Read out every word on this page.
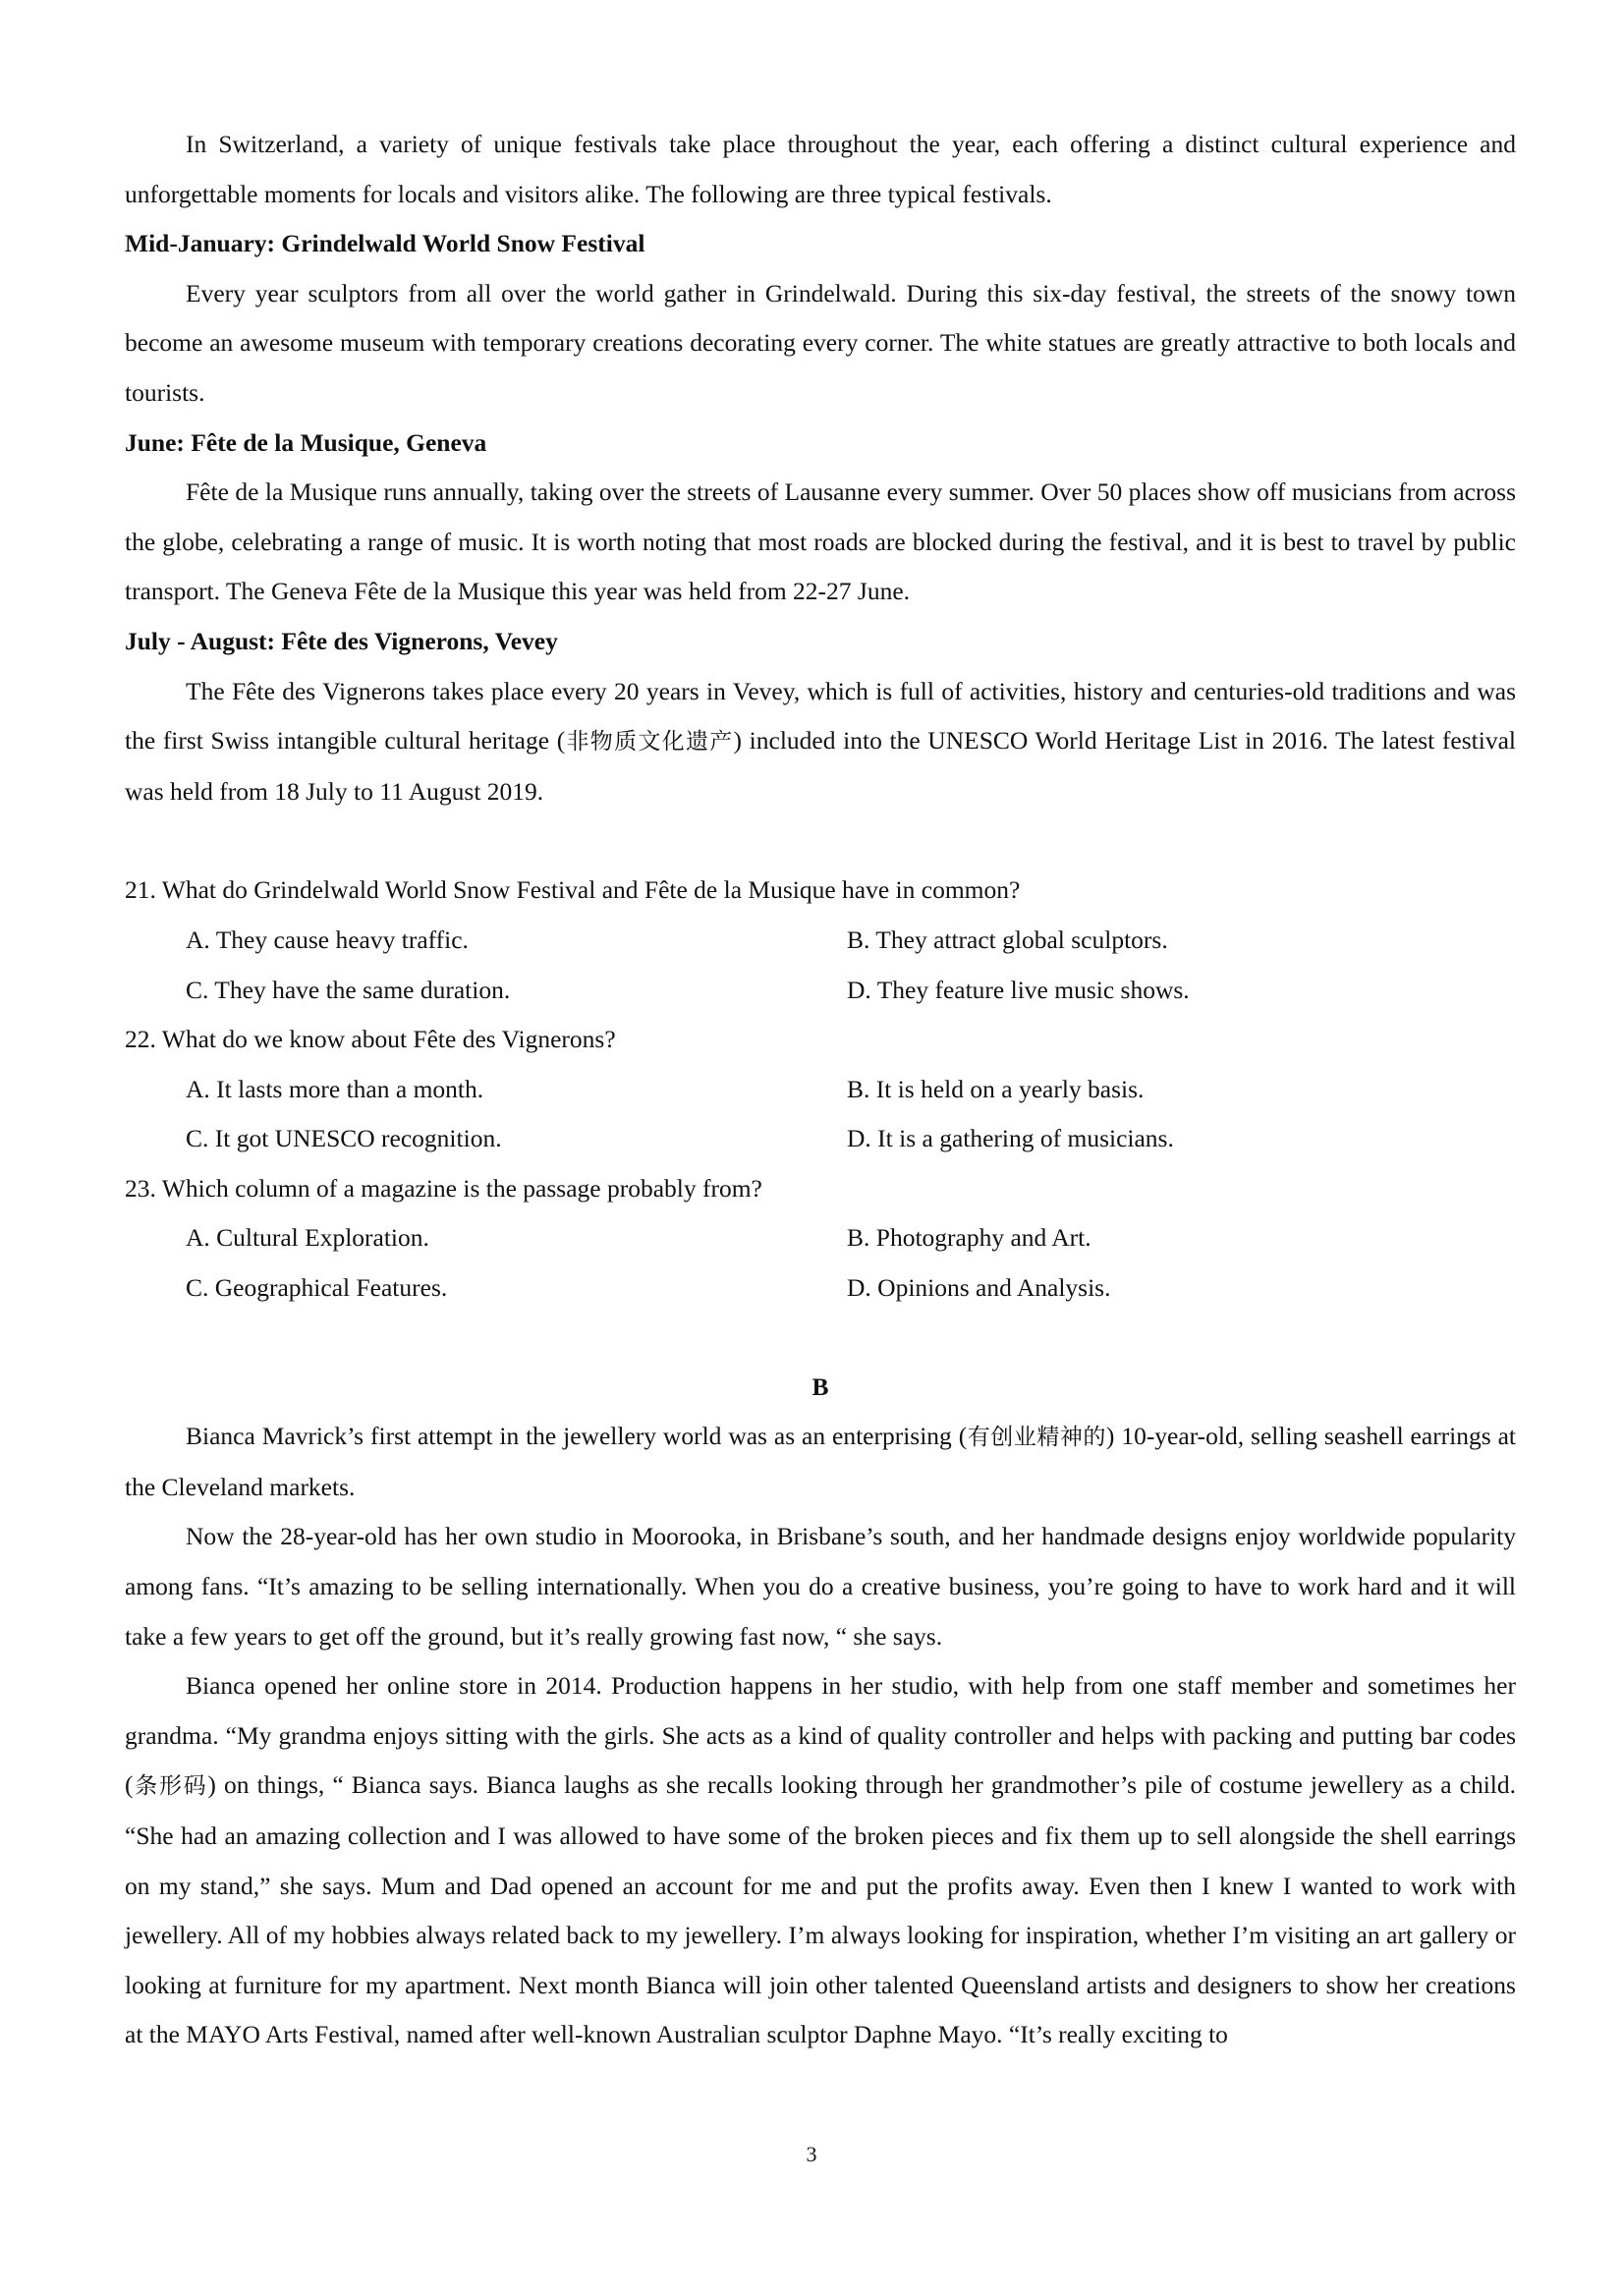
In Switzerland, a variety of unique festivals take place throughout the year, each offering a distinct cultural experience and unforgettable moments for locals and visitors alike. The following are three typical festivals.

Mid-January: Grindelwald World Snow Festival

Every year sculptors from all over the world gather in Grindelwald. During this six-day festival, the streets of the snowy town become an awesome museum with temporary creations decorating every corner. The white statues are greatly attractive to both locals and tourists.

June: Fête de la Musique, Geneva

Fête de la Musique runs annually, taking over the streets of Lausanne every summer. Over 50 places show off musicians from across the globe, celebrating a range of music. It is worth noting that most roads are blocked during the festival, and it is best to travel by public transport. The Geneva Fête de la Musique this year was held from 22-27 June.

July - August: Fête des Vignerons, Vevey

The Fête des Vignerons takes place every 20 years in Vevey, which is full of activities, history and centuries-old traditions and was the first Swiss intangible cultural heritage (非物质文化遗产) included into the UNESCO World Heritage List in 2016. The latest festival was held from 18 July to 11 August 2019.

21. What do Grindelwald World Snow Festival and Fête de la Musique have in common?
A. They cause heavy traffic.	B. They attract global sculptors.
C. They have the same duration.	D. They feature live music shows.
22. What do we know about Fête des Vignerons?
A. It lasts more than a month.	B. It is held on a yearly basis.
C. It got UNESCO recognition.	D. It is a gathering of musicians.
23. Which column of a magazine is the passage probably from?
A. Cultural Exploration.	B. Photography and Art.
C. Geographical Features.	D. Opinions and Analysis.
B

Bianca Mavrick’s first attempt in the jewellery world was as an enterprising (有创业精神的) 10-year-old, selling seashell earrings at the Cleveland markets.

Now the 28-year-old has her own studio in Moorooka, in Brisbane’s south, and her handmade designs enjoy worldwide popularity among fans. “It’s amazing to be selling internationally. When you do a creative business, you’re going to have to work hard and it will take a few years to get off the ground, but it’s really growing fast now, “ she says.

Bianca opened her online store in 2014. Production happens in her studio, with help from one staff member and sometimes her grandma. “My grandma enjoys sitting with the girls. She acts as a kind of quality controller and helps with packing and putting bar codes (条形码) on things, “ Bianca says. Bianca laughs as she recalls looking through her grandmother’s pile of costume jewellery as a child. “She had an amazing collection and I was allowed to have some of the broken pieces and fix them up to sell alongside the shell earrings on my stand,” she says. Mum and Dad opened an account for me and put the profits away. Even then I knew I wanted to work with jewellery. All of my hobbies always related back to my jewellery. I’m always looking for inspiration, whether I’m visiting an art gallery or looking at furniture for my apartment. Next month Bianca will join other talented Queensland artists and designers to show her creations at the MAYO Arts Festival, named after well-known Australian sculptor Daphne Mayo. “It’s really exciting to

3
